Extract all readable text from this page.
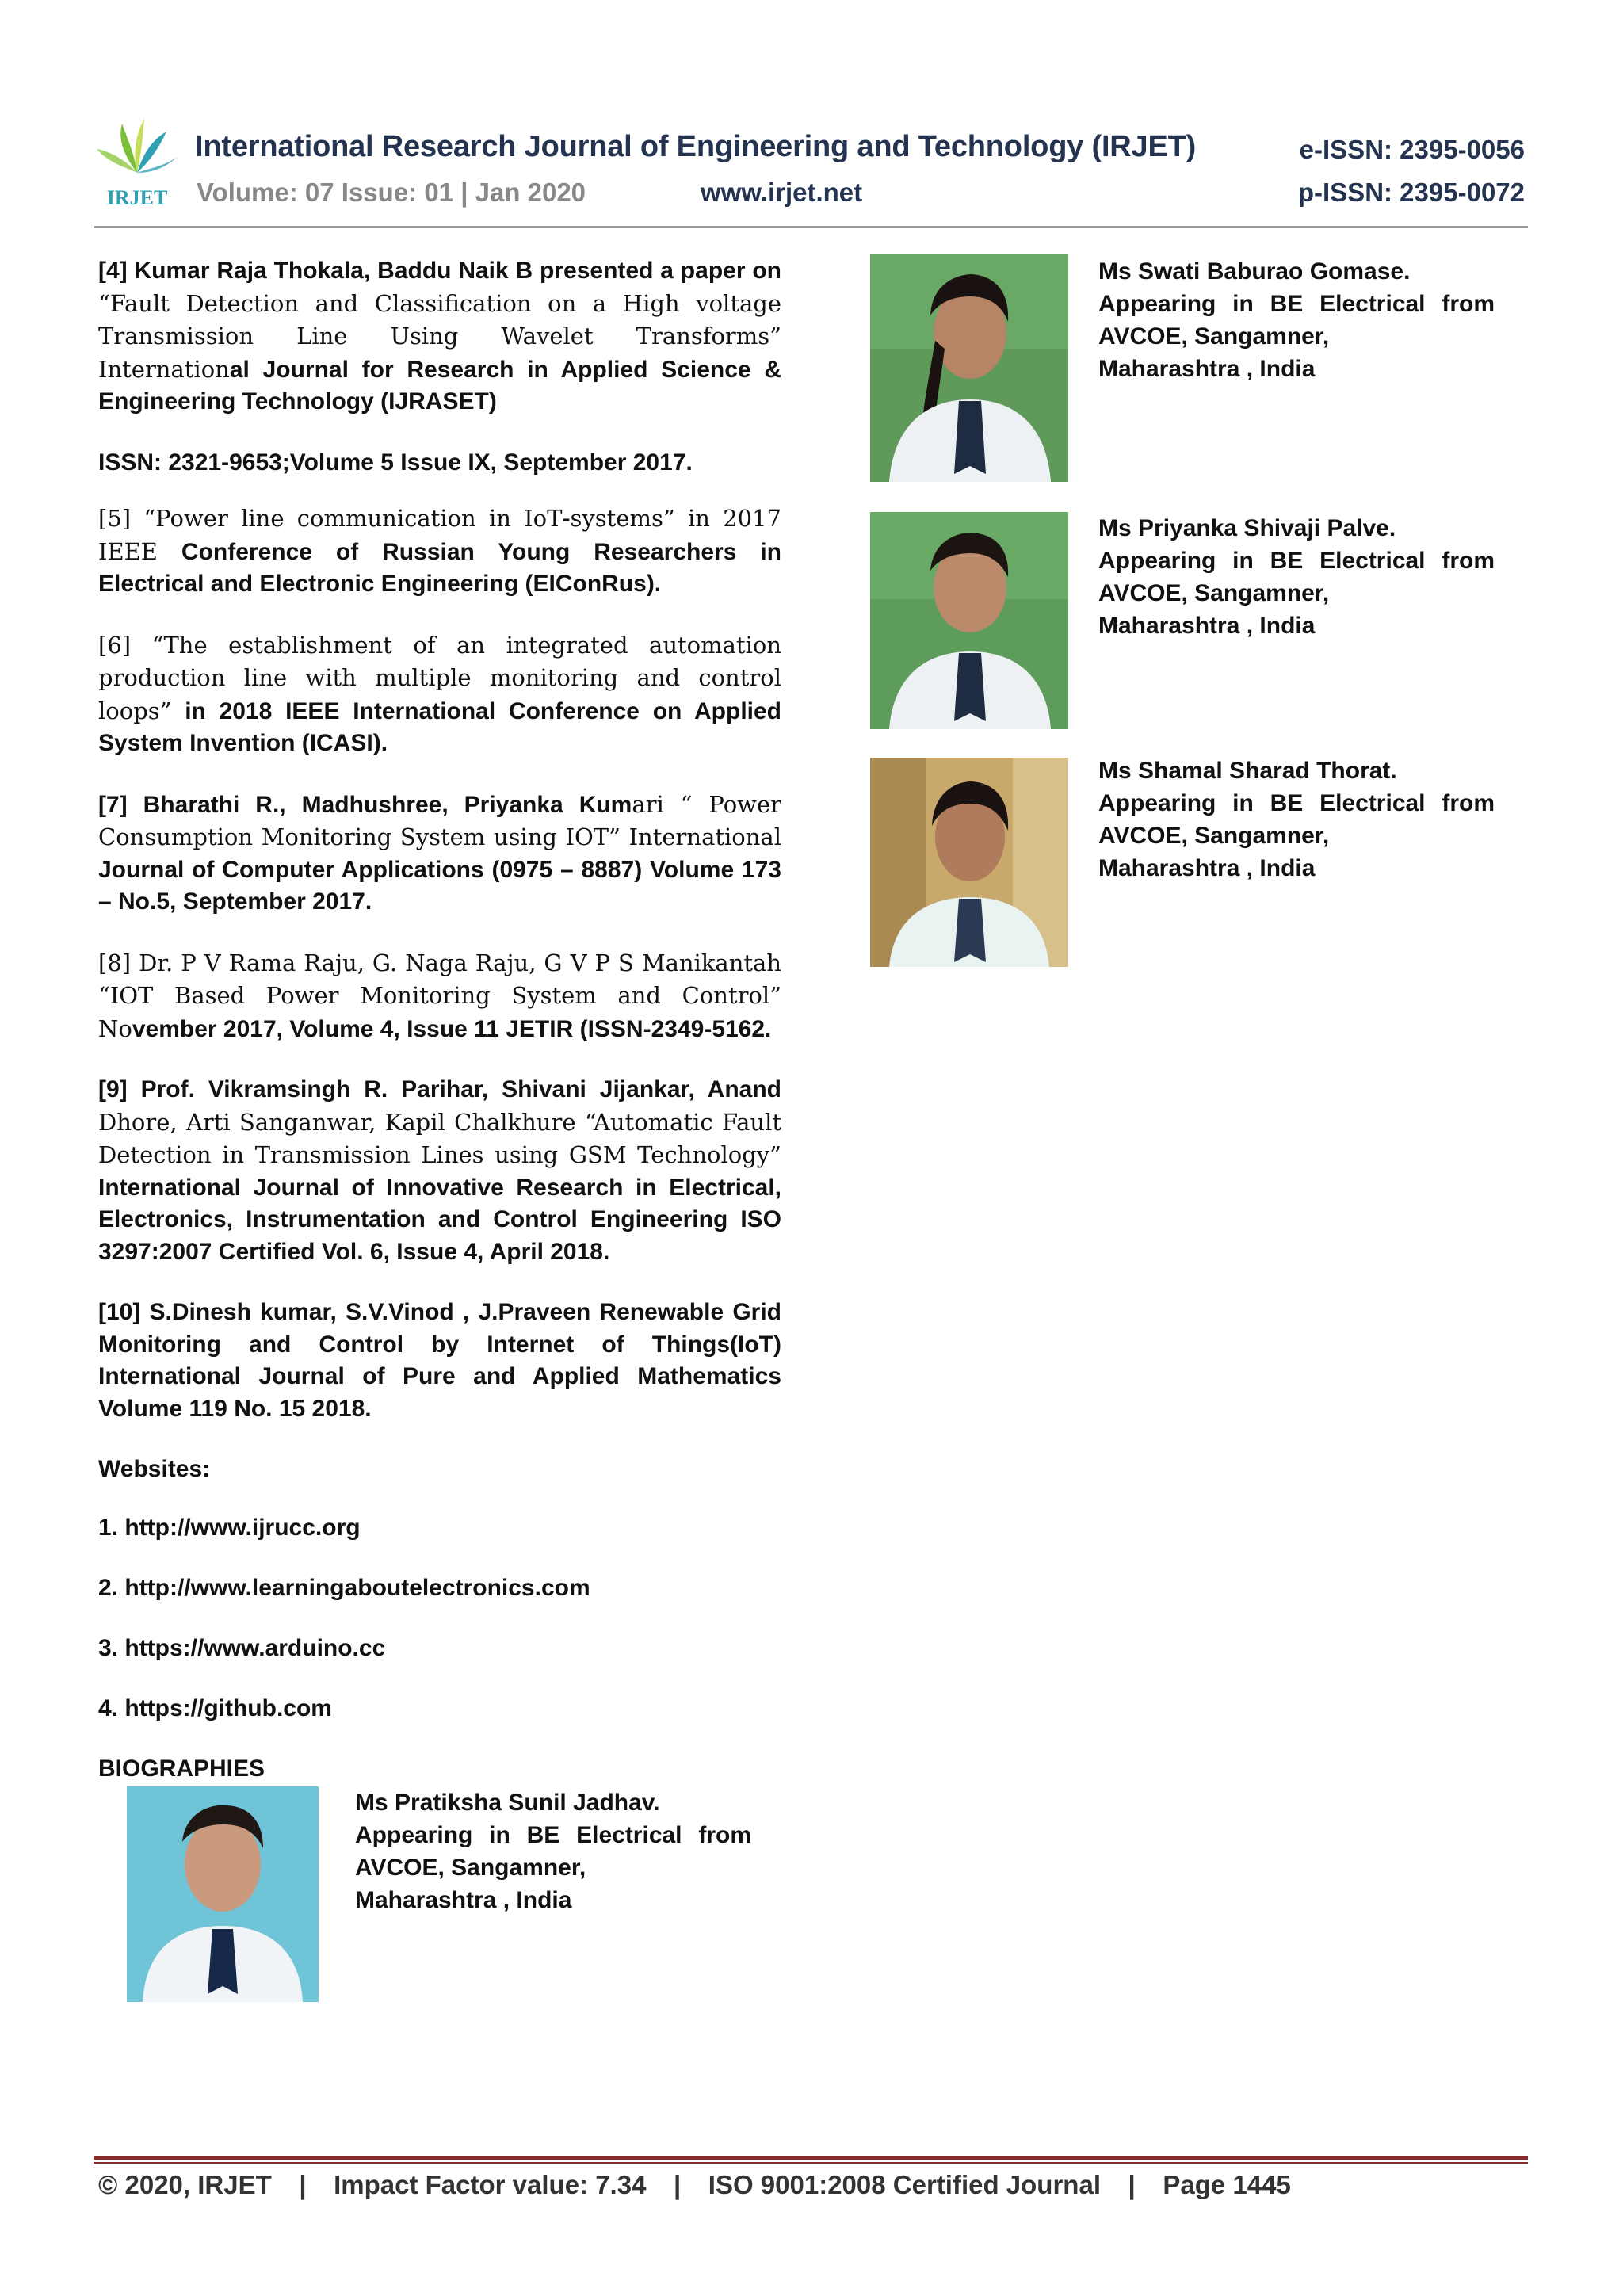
IRJET
International Research Journal of Engineering and Technology (IRJET)	e-ISSN: 2395-0056
Volume: 07 Issue: 01 | Jan 2020	www.irjet.net	p-ISSN: 2395-0072

[4] Kumar Raja Thokala, Baddu Naik B presented a paper on “Fault Detection and Classification on a High voltage Transmission Line Using Wavelet Transforms” International Journal for Research in Applied Science & Engineering Technology (IJRASET)

ISSN: 2321-9653;Volume 5 Issue IX, September 2017.

[5] “Power line communication in IoT-systems” in 2017 IEEE Conference of Russian Young Researchers in Electrical and Electronic Engineering (EIConRus).

[6] “The establishment of an integrated automation production line with multiple monitoring and control loops” in 2018 IEEE International Conference on Applied System Invention (ICASI).

[7] Bharathi R., Madhushree, Priyanka Kumari “ Power Consumption Monitoring System using IOT” International Journal of Computer Applications (0975 – 8887) Volume 173 – No.5, September 2017.

[8] Dr. P V Rama Raju, G. Naga Raju, G V P S Manikantah “IOT Based Power Monitoring System and Control” November 2017, Volume 4, Issue 11 JETIR (ISSN-2349-5162.

[9] Prof. Vikramsingh R. Parihar, Shivani Jijankar, Anand Dhore, Arti Sanganwar, Kapil Chalkhure “Automatic Fault Detection in Transmission Lines using GSM Technology” International Journal of Innovative Research in Electrical, Electronics, Instrumentation and Control Engineering ISO 3297:2007 Certified Vol. 6, Issue 4, April 2018.

[10] S.Dinesh kumar, S.V.Vinod , J.Praveen Renewable Grid Monitoring and Control by Internet of Things(IoT) International Journal of Pure and Applied Mathematics Volume 119 No. 15 2018.

Websites:
1. http://www.ijrucc.org
2. http://www.learningaboutelectronics.com
3. https://www.arduino.cc
4. https://github.com
BIOGRAPHIES
Ms Pratiksha Sunil Jadhav.
Appearing in BE Electrical from
AVCOE, Sangamner,
Maharashtra , India
Ms Swati Baburao Gomase.
Appearing in BE Electrical from
AVCOE, Sangamner,
Maharashtra , India
Ms Priyanka Shivaji Palve.
Appearing in BE Electrical from
AVCOE, Sangamner,
Maharashtra , India
Ms Shamal Sharad Thorat.
Appearing in BE Electrical from
AVCOE, Sangamner,
Maharashtra , India
© 2020, IRJET | Impact Factor value: 7.34 | ISO 9001:2008 Certified Journal | Page 1445
